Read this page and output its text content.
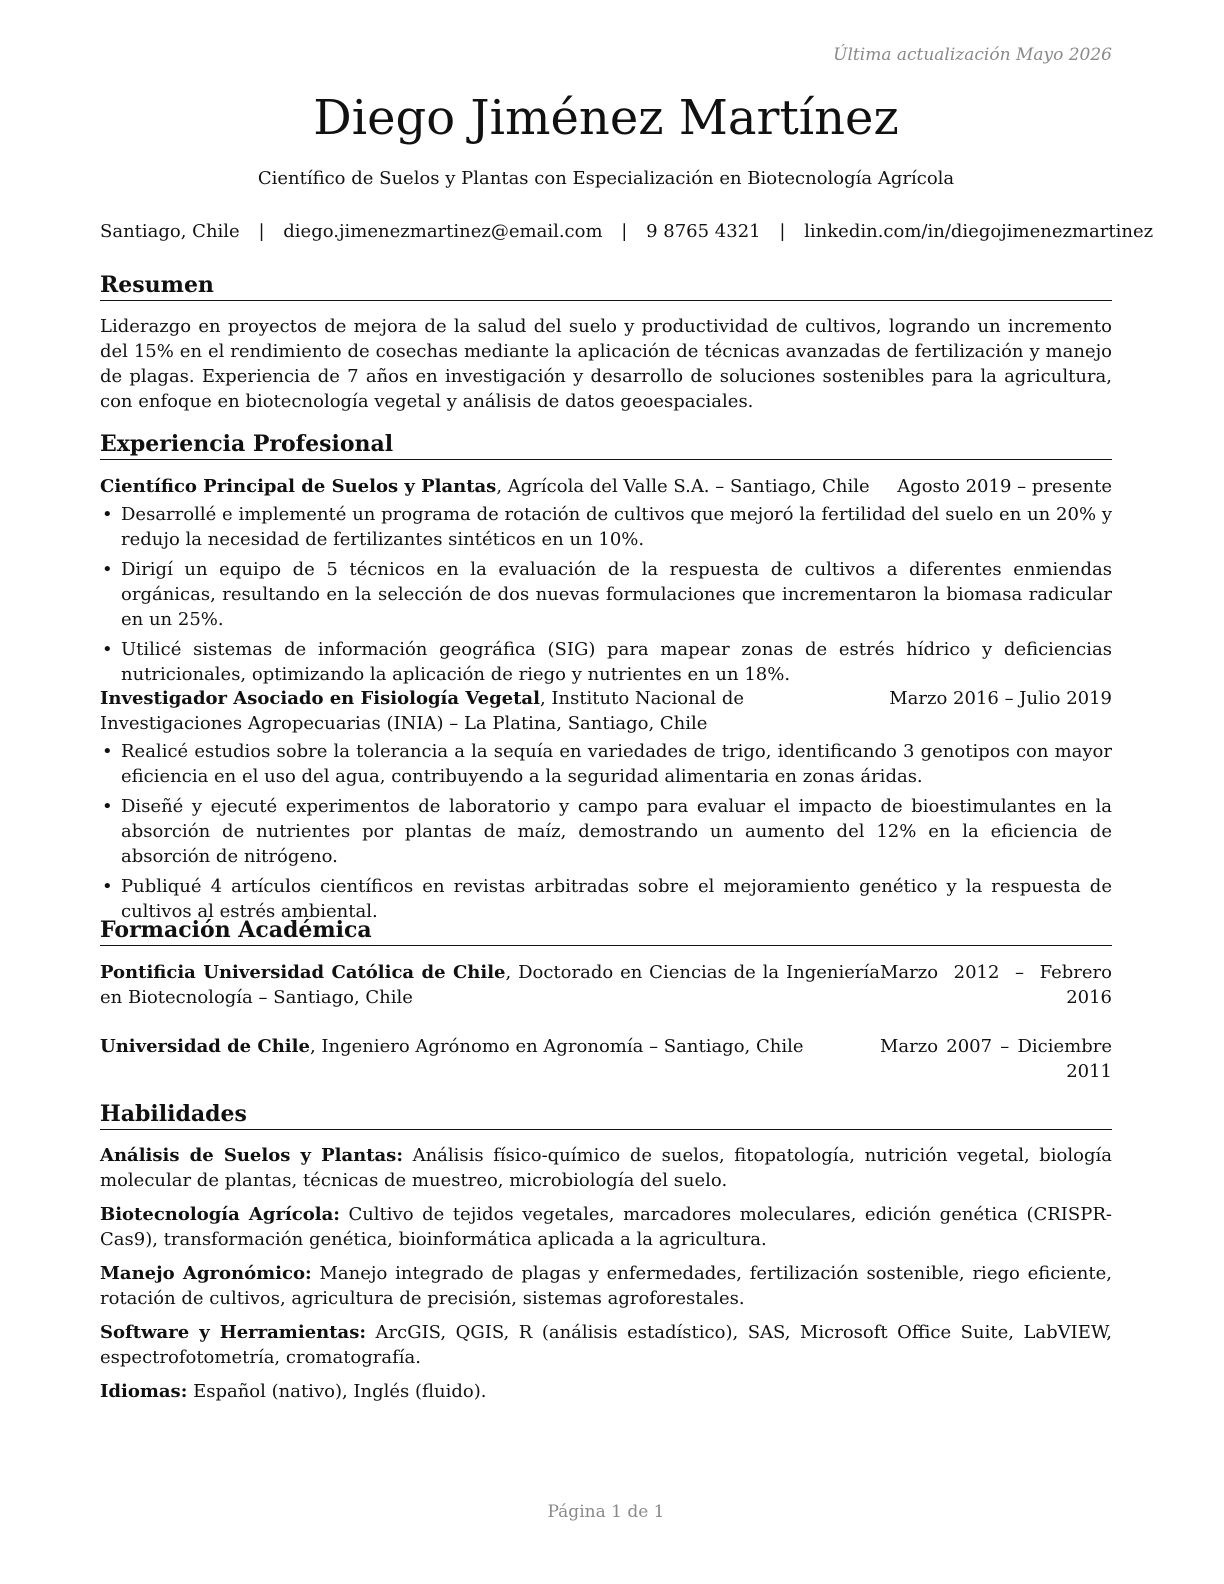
Última actualización Mayo 2026
Diego Jiménez Martínez
Científico de Suelos y Plantas con Especialización en Biotecnología Agrícola
Santiago, Chile | diego.jimenezmartinez@email.com | 9 8765 4321 | linkedin.com/in/diegojimenezmartinez
Resumen

Liderazgo en proyectos de mejora de la salud del suelo y productividad de cultivos, logrando un incremento del 15% en el rendimiento de cosechas mediante la aplicación de técnicas avanzadas de fertilización y manejo de plagas. Experiencia de 7 años en investigación y desarrollo de soluciones sostenibles para la agricultura, con enfoque en biotecnología vegetal y análisis de datos geoespaciales.

Experiencia Profesional
Científico Principal de Suelos y Plantas, Agrícola del Valle S.A. – Santiago, Chile	Agosto 2019 – presente
• Desarrollé e implementé un programa de rotación de cultivos que mejoró la fertilidad del suelo en un 20% y redujo la necesidad de fertilizantes sintéticos en un 10%.
• Dirigí un equipo de 5 técnicos en la evaluación de la respuesta de cultivos a diferentes enmiendas orgánicas, resultando en la selección de dos nuevas formulaciones que incrementaron la biomasa radicular en un 25%.
• Utilicé sistemas de información geográfica (SIG) para mapear zonas de estrés hídrico y deficiencias nutricionales, optimizando la aplicación de riego y nutrientes en un 18%.
Investigador Asociado en Fisiología Vegetal, Instituto Nacional de Investigaciones Agropecuarias (INIA) – La Platina, Santiago, Chile
Marzo 2016 – Julio 2019
• Realicé estudios sobre la tolerancia a la sequía en variedades de trigo, identificando 3 genotipos con mayor eficiencia en el uso del agua, contribuyendo a la seguridad alimentaria en zonas áridas.
• Diseñé y ejecuté experimentos de laboratorio y campo para evaluar el impacto de bioestimulantes en la absorción de nutrientes por plantas de maíz, demostrando un aumento del 12% en la eficiencia de absorción de nitrógeno.
• Publiqué 4 artículos científicos en revistas arbitradas sobre el mejoramiento genético y la respuesta de cultivos al estrés ambiental.
Formación Académica
Pontificia Universidad Católica de Chile, Doctorado en Ciencias de la Ingeniería en Biotecnología – Santiago, Chile
Marzo 2012 – Febrero 2016
Universidad de Chile, Ingeniero Agrónomo en Agronomía – Santiago, Chile	Marzo 2007 – Diciembre 2011
Habilidades

Análisis de Suelos y Plantas: Análisis físico-químico de suelos, fitopatología, nutrición vegetal, biología molecular de plantas, técnicas de muestreo, microbiología del suelo.

Biotecnología Agrícola: Cultivo de tejidos vegetales, marcadores moleculares, edición genética (CRISPR-Cas9), transformación genética, bioinformática aplicada a la agricultura.

Manejo Agronómico: Manejo integrado de plagas y enfermedades, fertilización sostenible, riego eficiente, rotación de cultivos, agricultura de precisión, sistemas agroforestales.

Software y Herramientas: ArcGIS, QGIS, R (análisis estadístico), SAS, Microsoft Office Suite, LabVIEW, espectrofotometría, cromatografía.

Idiomas: Español (nativo), Inglés (fluido).

Página 1 de 1
